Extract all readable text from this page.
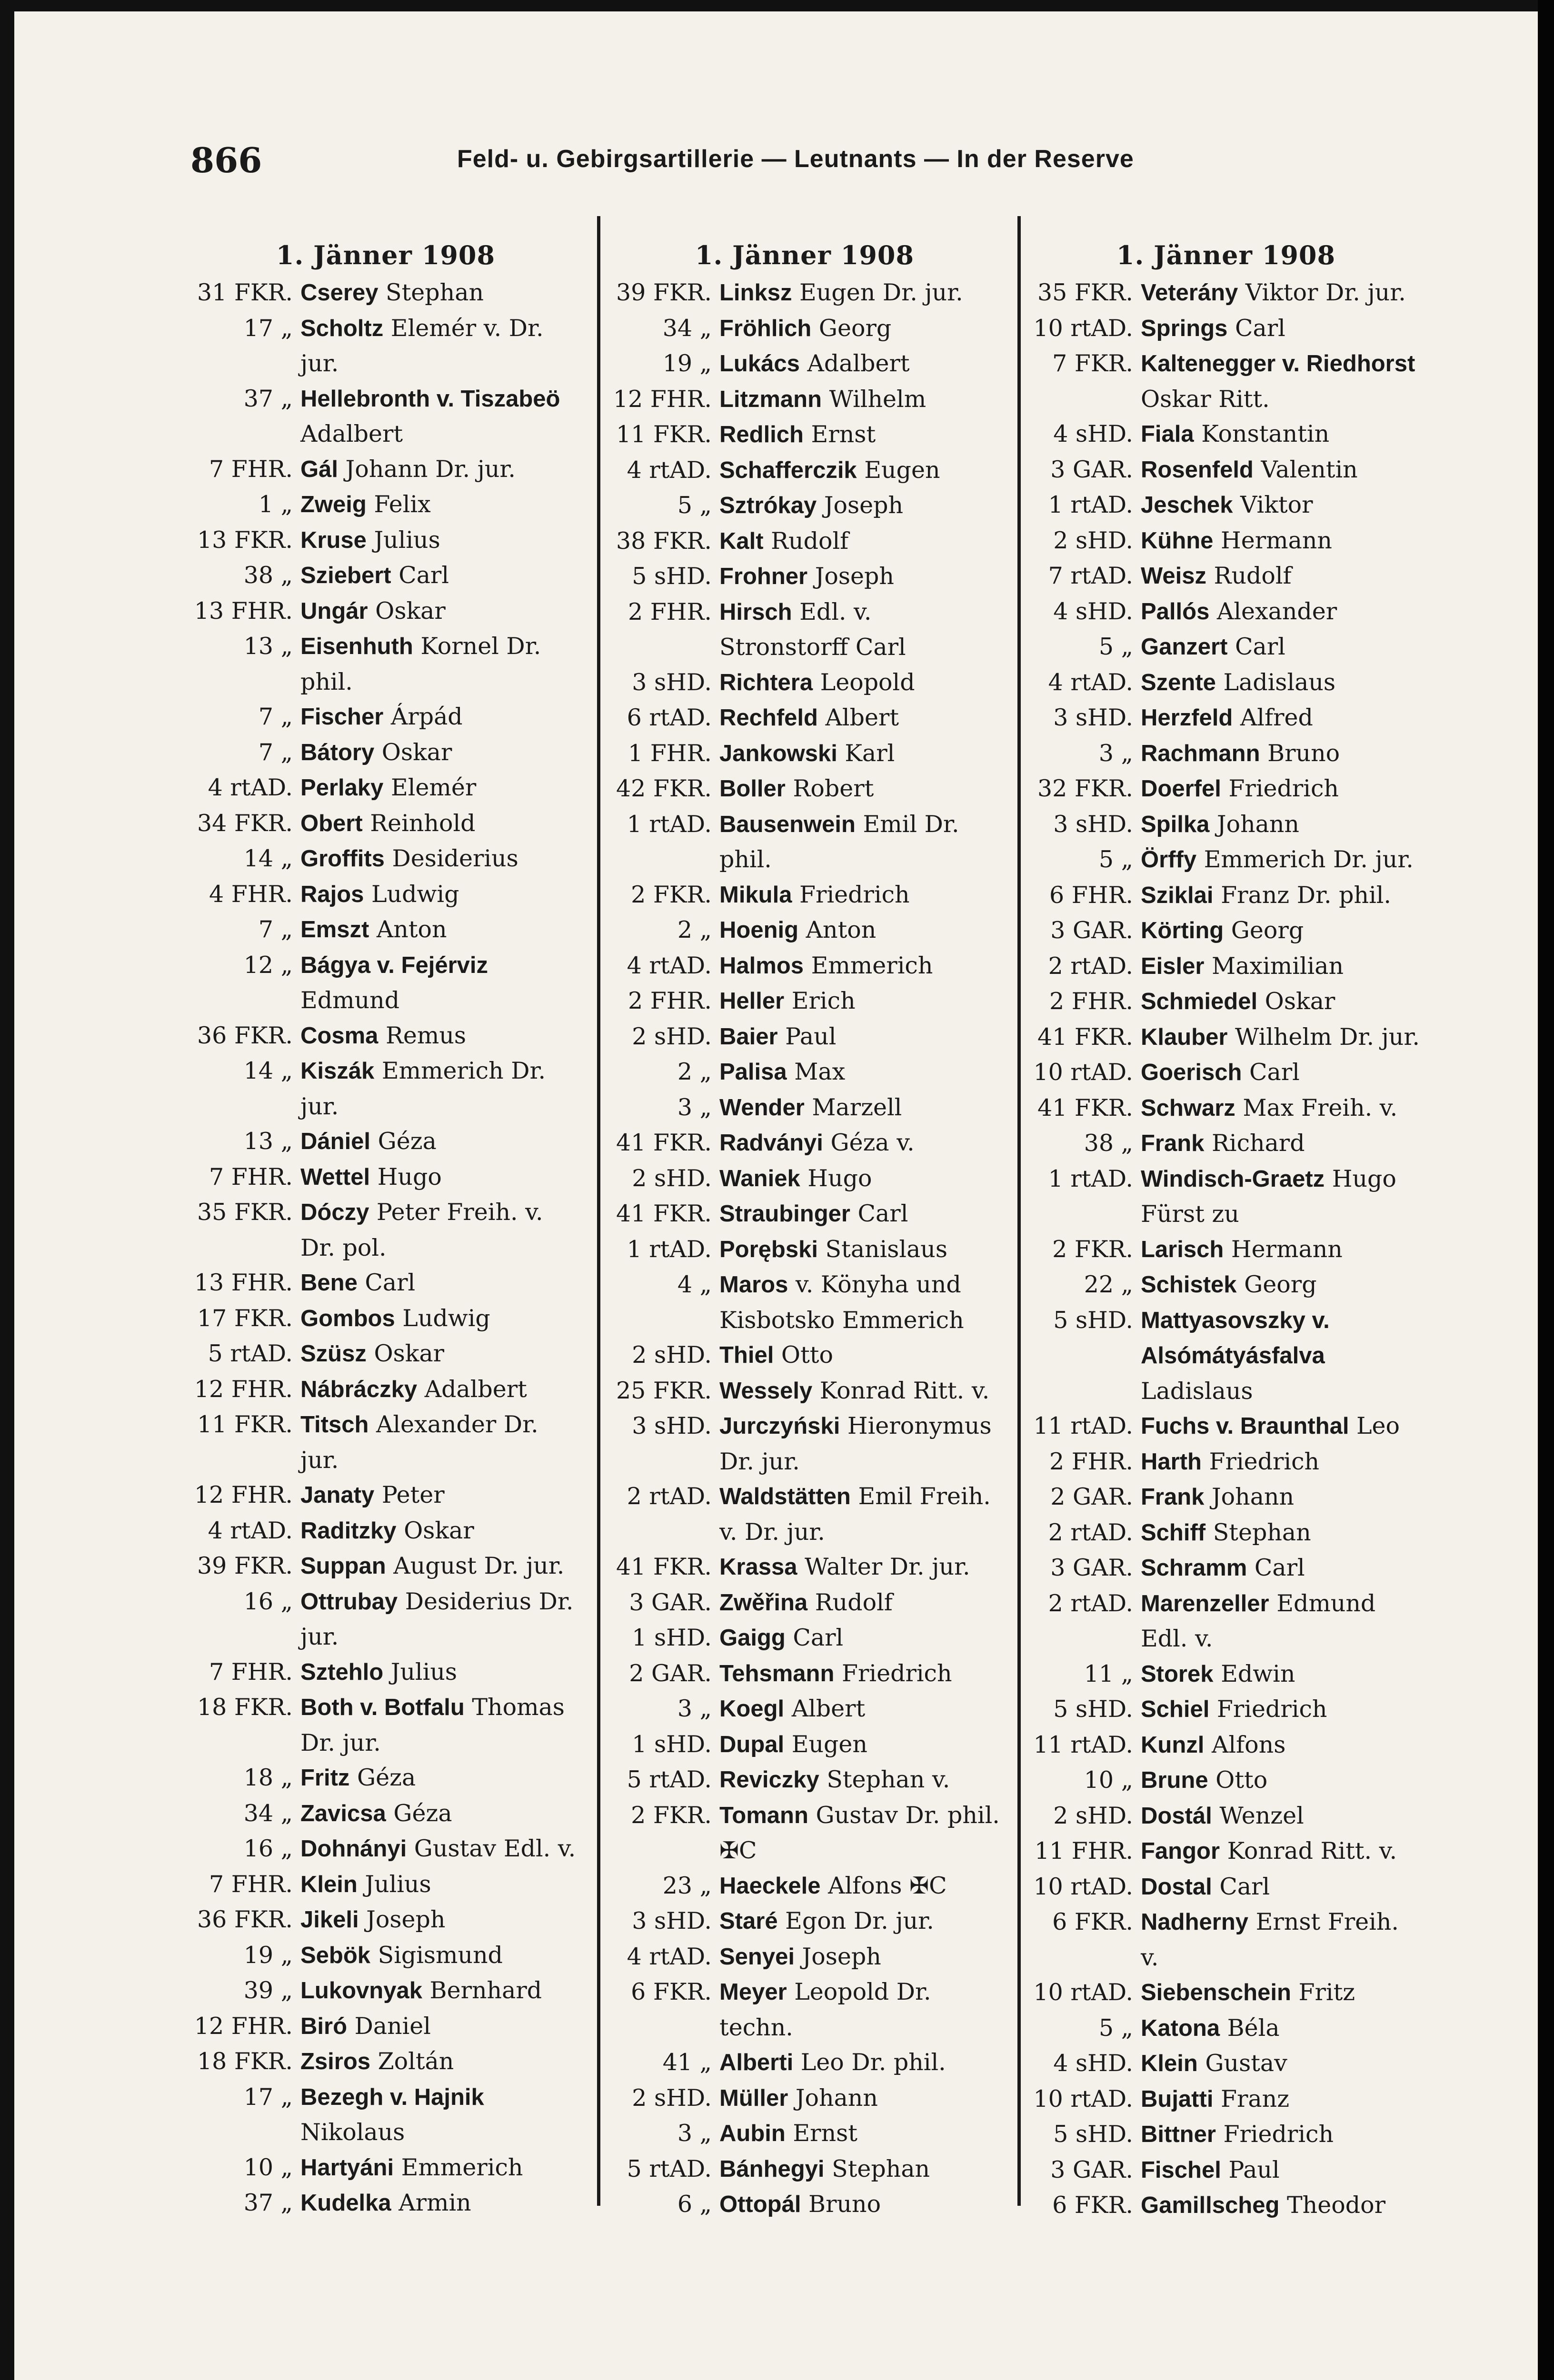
866	Feld- u. Gebirgsartillerie — Leutnants — In der Reserve
1. Jänner 1908
31 FKR. Cserey Stephan
17 „ Scholtz Elemér v. Dr. jur.
37 „ Hellebronth v. Tiszabeö Adalbert
7 FHR. Gál Johann Dr. jur.
1 „ Zweig Felix
13 FKR. Kruse Julius
38 „ Sziebert Carl
13 FHR. Ungár Oskar
13 „ Eisenhuth Kornel Dr. phil.
7 „ Fischer Árpád
7 „ Bátory Oskar
4 rtAD. Perlaky Elemér
34 FKR. Obert Reinhold
14 „ Groffits Desiderius
4 FHR. Rajos Ludwig
7 „ Emszt Anton
12 „ Bágya v. Fejérviz Edmund
36 FKR. Cosma Remus
14 „ Kiszák Emmerich Dr. jur.
13 „ Dániel Géza
7 FHR. Wettel Hugo
35 FKR. Dóczy Peter Freih. v. Dr. pol.
13 FHR. Bene Carl
17 FKR. Gombos Ludwig
5 rtAD. Szüsz Oskar
12 FHR. Nábráczky Adalbert
11 FKR. Titsch Alexander Dr. jur.
12 FHR. Janaty Peter
4 rtAD. Raditzky Oskar
39 FKR. Suppan August Dr. jur.
16 „ Ottrubay Desiderius Dr. jur.
7 FHR. Sztehlo Julius
18 FKR. Both v. Botfalu Thomas Dr. jur.
18 „ Fritz Géza
34 „ Zavicsa Géza
16 „ Dohnányi Gustav Edl. v.
7 FHR. Klein Julius
36 FKR. Jikeli Joseph
19 „ Sebök Sigismund
39 „ Lukovnyak Bernhard
12 FHR. Biró Daniel
18 FKR. Zsiros Zoltán
17 „ Bezegh v. Hajnik Nikolaus
10 „ Hartyáni Emmerich
37 „ Kudelka Armin
1. Jänner 1908
39 FKR. Linksz Eugen Dr. jur.
34 „ Fröhlich Georg
19 „ Lukács Adalbert
12 FHR. Litzmann Wilhelm
11 FKR. Redlich Ernst
4 rtAD. Schafferczik Eugen
5 „ Sztrókay Joseph
38 FKR. Kalt Rudolf
5 sHD. Frohner Joseph
2 FHR. Hirsch Edl. v. Stronstorff Carl
3 sHD. Richtera Leopold
6 rtAD. Rechfeld Albert
1 FHR. Jankowski Karl
42 FKR. Boller Robert
1 rtAD. Bausenwein Emil Dr. phil.
2 FKR. Mikula Friedrich
2 „ Hoenig Anton
4 rtAD. Halmos Emmerich
2 FHR. Heller Erich
2 sHD. Baier Paul
2 „ Palisa Max
3 „ Wender Marzell
41 FKR. Radványi Géza v.
2 sHD. Waniek Hugo
41 FKR. Straubinger Carl
1 rtAD. Porębski Stanislaus
4 „ Maros v. Könyha und Kisbotsko Emmerich
2 sHD. Thiel Otto
25 FKR. Wessely Konrad Ritt. v.
3 sHD. Jurczyński Hieronymus Dr. jur.
2 rtAD. Waldstätten Emil Freih. v. Dr. jur.
41 FKR. Krassa Walter Dr. jur.
3 GAR. Zwěřina Rudolf
1 sHD. Gaigg Carl
2 GAR. Tehsmann Friedrich
3 „ Koegl Albert
1 sHD. Dupal Eugen
5 rtAD. Reviczky Stephan v.
2 FKR. Tomann Gustav Dr. phil. ✠C
23 „ Haeckele Alfons ✠C
3 sHD. Staré Egon Dr. jur.
4 rtAD. Senyei Joseph
6 FKR. Meyer Leopold Dr. techn.
41 „ Alberti Leo Dr. phil.
2 sHD. Müller Johann
3 „ Aubin Ernst
5 rtAD. Bánhegyi Stephan
6 „ Ottopál Bruno
1. Jänner 1908
35 FKR. Veterány Viktor Dr. jur.
10 rtAD. Springs Carl
7 FKR. Kaltenegger v. Riedhorst Oskar Ritt.
4 sHD. Fiala Konstantin
3 GAR. Rosenfeld Valentin
1 rtAD. Jeschek Viktor
2 sHD. Kühne Hermann
7 rtAD. Weisz Rudolf
4 sHD. Pallós Alexander
5 „ Ganzert Carl
4 rtAD. Szente Ladislaus
3 sHD. Herzfeld Alfred
3 „ Rachmann Bruno
32 FKR. Doerfel Friedrich
3 sHD. Spilka Johann
5 „ Örffy Emmerich Dr. jur.
6 FHR. Sziklai Franz Dr. phil.
3 GAR. Körting Georg
2 rtAD. Eisler Maximilian
2 FHR. Schmiedel Oskar
41 FKR. Klauber Wilhelm Dr. jur.
10 rtAD. Goerisch Carl
41 FKR. Schwarz Max Freih. v.
38 „ Frank Richard
1 rtAD. Windisch-Graetz Hugo Fürst zu
2 FKR. Larisch Hermann
22 „ Schistek Georg
5 sHD. Mattyasovszky v. Alsómátyásfalva Ladislaus
11 rtAD. Fuchs v. Braunthal Leo
2 FHR. Harth Friedrich
2 GAR. Frank Johann
2 rtAD. Schiff Stephan
3 GAR. Schramm Carl
2 rtAD. Marenzeller Edmund Edl. v.
11 „ Storek Edwin
5 sHD. Schiel Friedrich
11 rtAD. Kunzl Alfons
10 „ Brune Otto
2 sHD. Dostál Wenzel
11 FHR. Fangor Konrad Ritt. v.
10 rtAD. Dostal Carl
6 FKR. Nadherny Ernst Freih. v.
10 rtAD. Siebenschein Fritz
5 „ Katona Béla
4 sHD. Klein Gustav
10 rtAD. Bujatti Franz
5 sHD. Bittner Friedrich
3 GAR. Fischel Paul
6 FKR. Gamillscheg Theodor
